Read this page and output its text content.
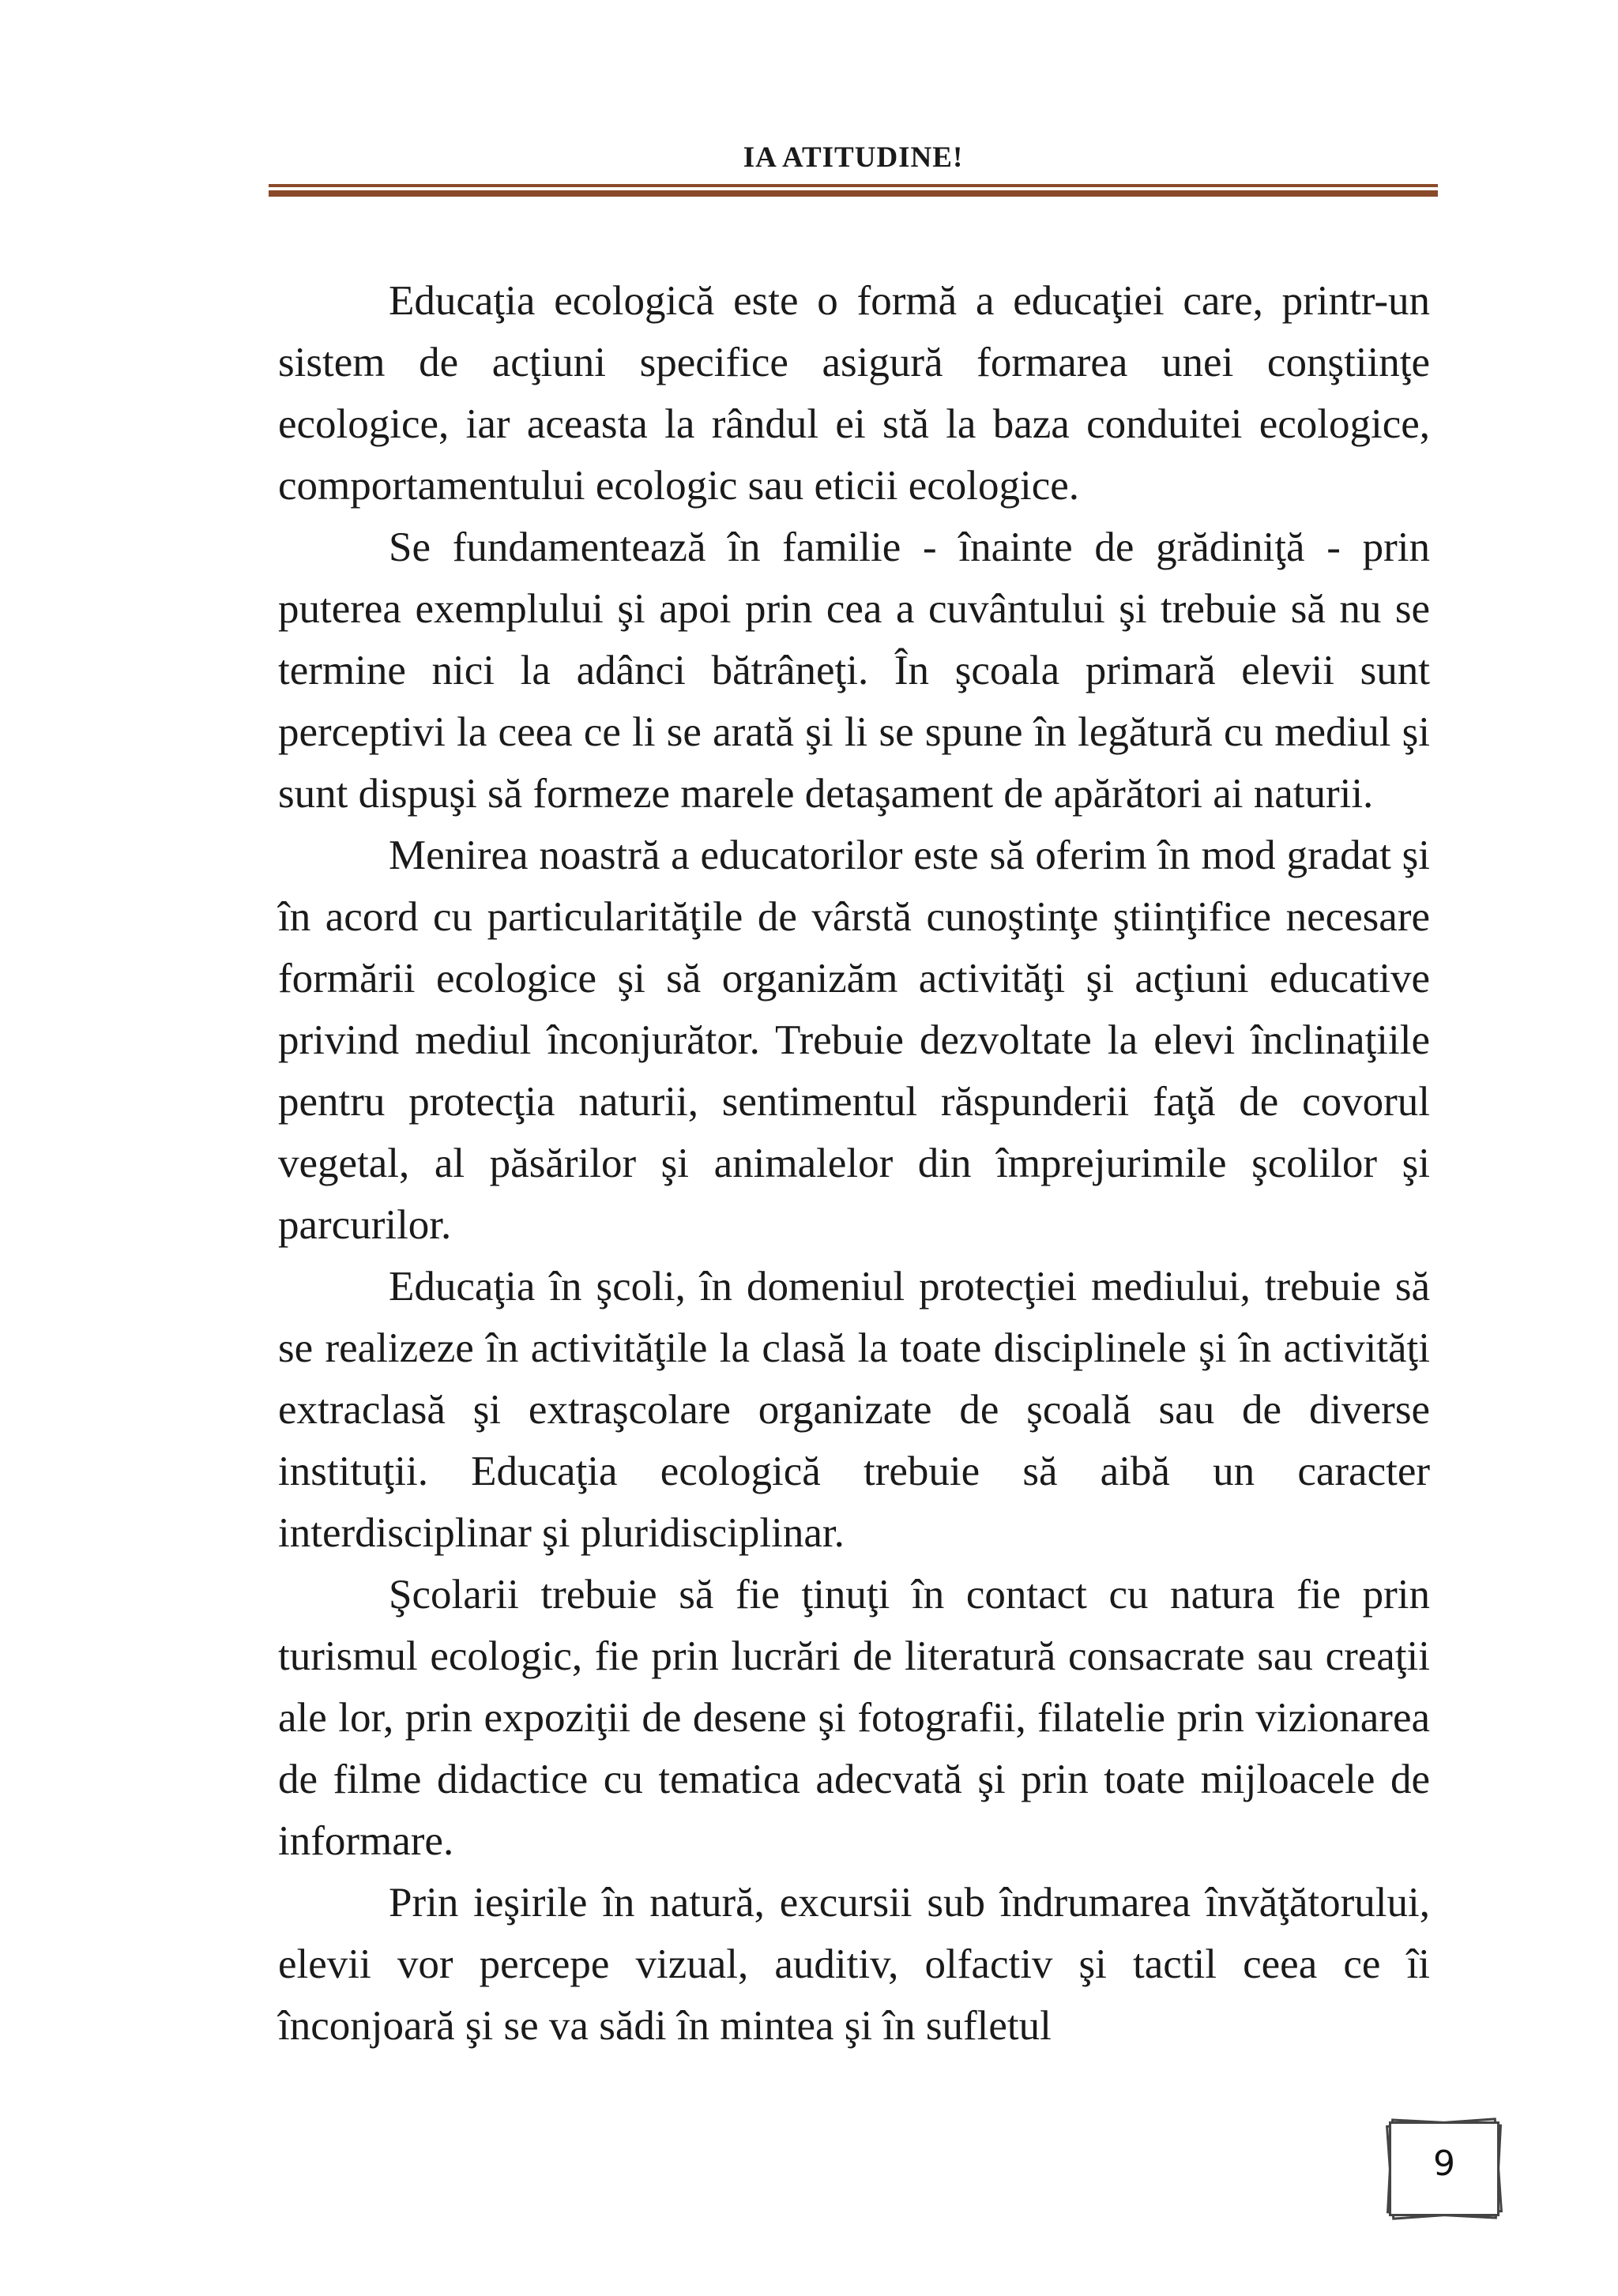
IA ATITUDINE!

Educaţia ecologică este o formă a educaţiei care, printr-un sistem de acţiuni specifice asigură formarea unei conştiinţe ecologice, iar aceasta la rândul ei stă la baza conduitei ecologice, comportamentului ecologic sau eticii ecologice.

Se fundamentează în familie - înainte de grădiniţă - prin puterea exemplului şi apoi prin cea a cuvântului şi trebuie să nu se termine nici la adânci bătrâneţi. În şcoala primară elevii sunt perceptivi la ceea ce li se arată şi li se spune în legătură cu mediul şi sunt dispuşi să formeze marele detaşament de apărători ai naturii.

Menirea noastră a educatorilor este să oferim în mod gradat şi în acord cu particularităţile de vârstă cunoştinţe ştiinţifice necesare formării ecologice şi să organizăm activităţi şi acţiuni educative privind mediul înconjurător. Trebuie dezvoltate la elevi înclinaţiile pentru protecţia naturii, sentimentul răspunderii faţă de covorul vegetal, al păsărilor şi animalelor din împrejurimile şcolilor şi parcurilor.

Educaţia în şcoli, în domeniul protecţiei mediului, trebuie să se realizeze în activităţile la clasă la toate disciplinele şi în activităţi extraclasă şi extraşcolare organizate de şcoală sau de diverse instituţii. Educaţia ecologică trebuie să aibă un caracter interdisciplinar şi pluridisciplinar.

Şcolarii trebuie să fie ţinuţi în contact cu natura fie prin turismul ecologic, fie prin lucrări de literatură consacrate sau creaţii ale lor, prin expoziţii de desene şi fotografii, filatelie prin vizionarea de filme didactice cu tematica adecvată şi prin toate mijloacele de informare.

Prin ieşirile în natură, excursii sub îndrumarea învăţătorului, elevii vor percepe vizual, auditiv, olfactiv şi tactil ceea ce îi înconjoară şi se va sădi în mintea şi în sufletul

9
